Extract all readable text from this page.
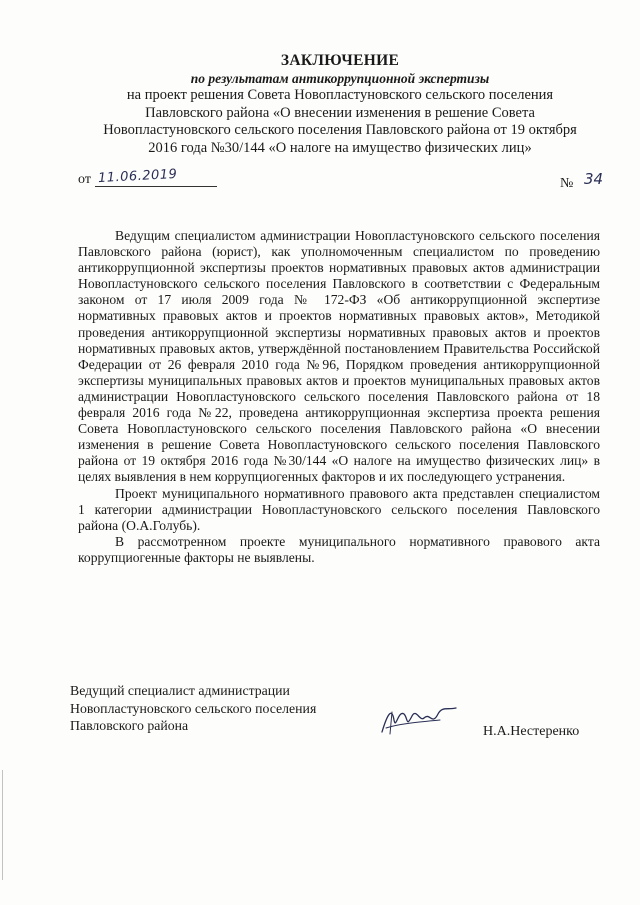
ЗАКЛЮЧЕНИЕ
по результатам антикоррупционной экспертизы
на проект решения Совета Новопластуновского сельского поселения
Павловского района «О внесении изменения в решение Совета
Новопластуновского сельского поселения Павловского района от 19 октября
2016 года №30/144 «О налоге на имущество физических лиц»
от 11.06.2019	№ 34

Ведущим специалистом администрации Новопластуновского сельского поселения Павловского района (юрист), как уполномоченным специалистом по проведению антикоррупционной экспертизы проектов нормативных правовых актов администрации Новопластуновского сельского поселения Павловского в соответствии с Федеральным законом от 17 июля 2009 года № 172-ФЗ «Об антикоррупционной экспертизе нормативных правовых актов и проектов нормативных правовых актов», Методикой проведения антикоррупционной экспертизы нормативных правовых актов и проектов нормативных правовых актов, утверждённой постановлением Правительства Российской Федерации от 26 февраля 2010 года №96, Порядком проведения антикоррупционной экспертизы муниципальных правовых актов и проектов муниципальных правовых актов администрации Новопластуновского сельского поселения Павловского района от 18 февраля 2016 года №22, проведена антикоррупционная экспертиза проекта решения Совета Новопластуновского сельского поселения Павловского района «О внесении изменения в решение Совета Новопластуновского сельского поселения Павловского района от 19 октября 2016 года №30/144 «О налоге на имущество физических лиц» в целях выявления в нем коррупциогенных факторов и их последующего устранения.

Проект муниципального нормативного правового акта представлен специалистом 1 категории администрации Новопластуновского сельского поселения Павловского района (О.А.Голубь).

В рассмотренном проекте муниципального нормативного правового акта коррупциогенные факторы не выявлены.

Ведущий специалист администрации
Новопластуновского сельского поселения
Павловского района	Н.А.Нестеренко
